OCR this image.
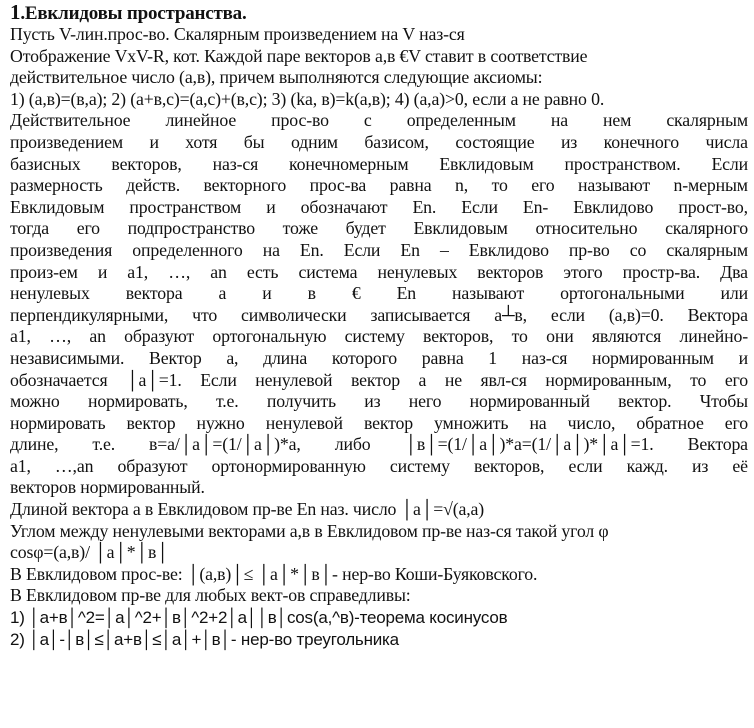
1.Евклидовы пространства.
Пусть V-лин.прос-во. Скалярным произведением на V наз-ся
Отображение VxV-R, кот. Каждой паре векторов а,в €V ставит в соответствие
действительное число (а,в), причем выполняются следующие аксиомы:
1) (а,в)=(в,а); 2) (а+в,с)=(а,с)+(в,с); 3) (kа, в)=k(а,в); 4) (а,а)>0, если а не равно 0.
Действительное линейное прос-во с определенным на нем скалярным
произведением и хотя бы одним базисом, состоящие из конечного числа
базисных векторов, наз-ся конечномерным Евклидовым пространством. Если
размерность действ. векторного прос-ва равна n, то его называют n-мерным
Евклидовым пространством и обозначают En. Если En- Евклидово прост-во,
тогда его подпространство тоже будет Евклидовым относительно скалярного
произведения определенного на En. Если En – Евклидово пр-во со скалярным
произ-ем и а1, …, аn есть система ненулевых векторов этого простр-ва. Два
ненулевых вектора а и в € En называют ортогональными или
перпендикулярными, что символически записывается а┴в, если (а,в)=0. Вектора
а1, …, аn образуют ортогональную систему векторов, то они являются линейно-
независимыми. Вектор а, длина которого равна 1 наз-ся нормированным и
обозначается │а│=1. Если ненулевой вектор а не явл-ся нормированным, то его
можно нормировать, т.е. получить из него нормированный вектор. Чтобы
нормировать вектор нужно ненулевой вектор умножить на число, обратное его
длине, т.е. в=а/│а│=(1/│а│)*а, либо │в│=(1/│а│)*а=(1/│а│)*│а│=1. Вектора
а1, …,аn образуют ортонормированную систему векторов, если кажд. из её
векторов нормированный.
Длиной вектора а в Евклидовом пр-ве En наз. число │а│=√(а,а)
Углом между ненулевыми векторами а,в в Евклидовом пр-ве наз-ся такой угол φ
cosφ=(а,в)/ │а│*│в│
В Евклидовом прос-ве: │(а,в)│≤ │а│*│в│- нер-во Коши-Буяковского.
В Евклидовом пр-ве для любых вект-ов справедливы:
1) │а+в│^2=│а│^2+│в│^2+2│а││в│cos(а,^в)-теорема косинусов
2) │а│-│в│≤│а+в│≤│а│+│в│- нер-во треугольника
